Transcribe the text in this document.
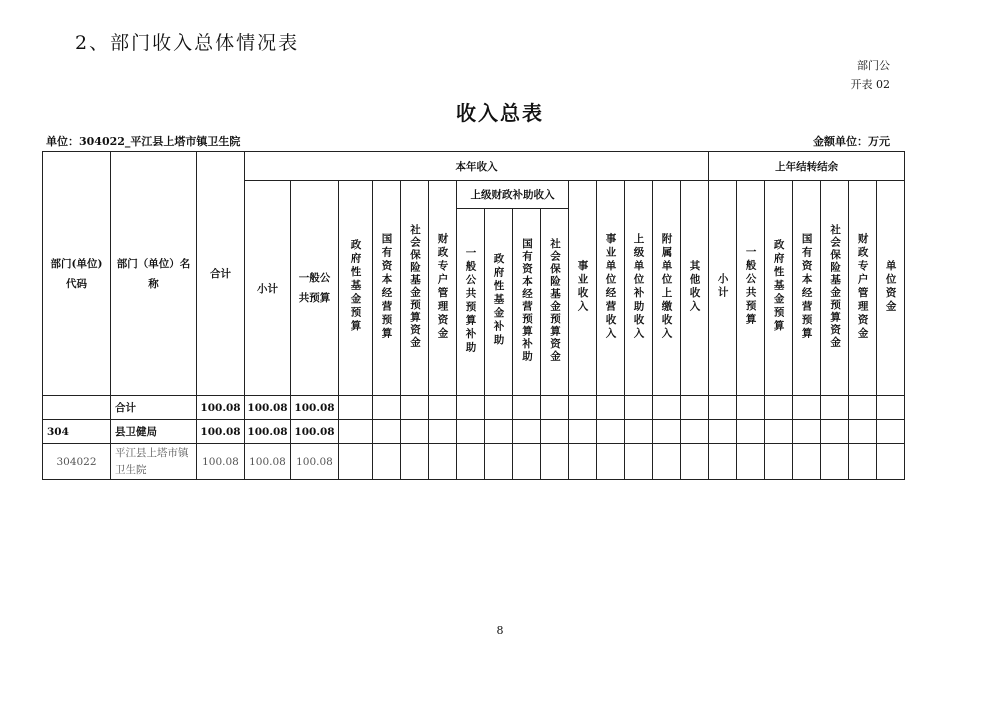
2、部门收入总体情况表
部门公
开表 02
收入总表
单位：304022_平江县上塔市镇卫生院	金额单位：万元
部门(单位)代码	部门（单位）名称	合计	本年收入															上年结转结余						
			小计	一般公共预算	政府性基金预算	国有资本经营预算	社会保险基金预算资金	财政专户管理资金	上级财政补助收入				事业收入	事业单位经营收入	上级单位补助收入	附属单位上缴收入	其他收入	小计	一般公共预算	政府性基金预算	国有资本经营预算	社会保险基金预算资金	财政专户管理资金	单位资金
									一般公共预算补助	政府性基金补助	国有资本经营预算补助	社会保险基金预算资金												
	合计	100.08	100.08	100.08																				
304	县卫健局	100.08	100.08	100.08																				
304022	平江县上塔市镇卫生院	100.08	100.08	100.08																				
8
